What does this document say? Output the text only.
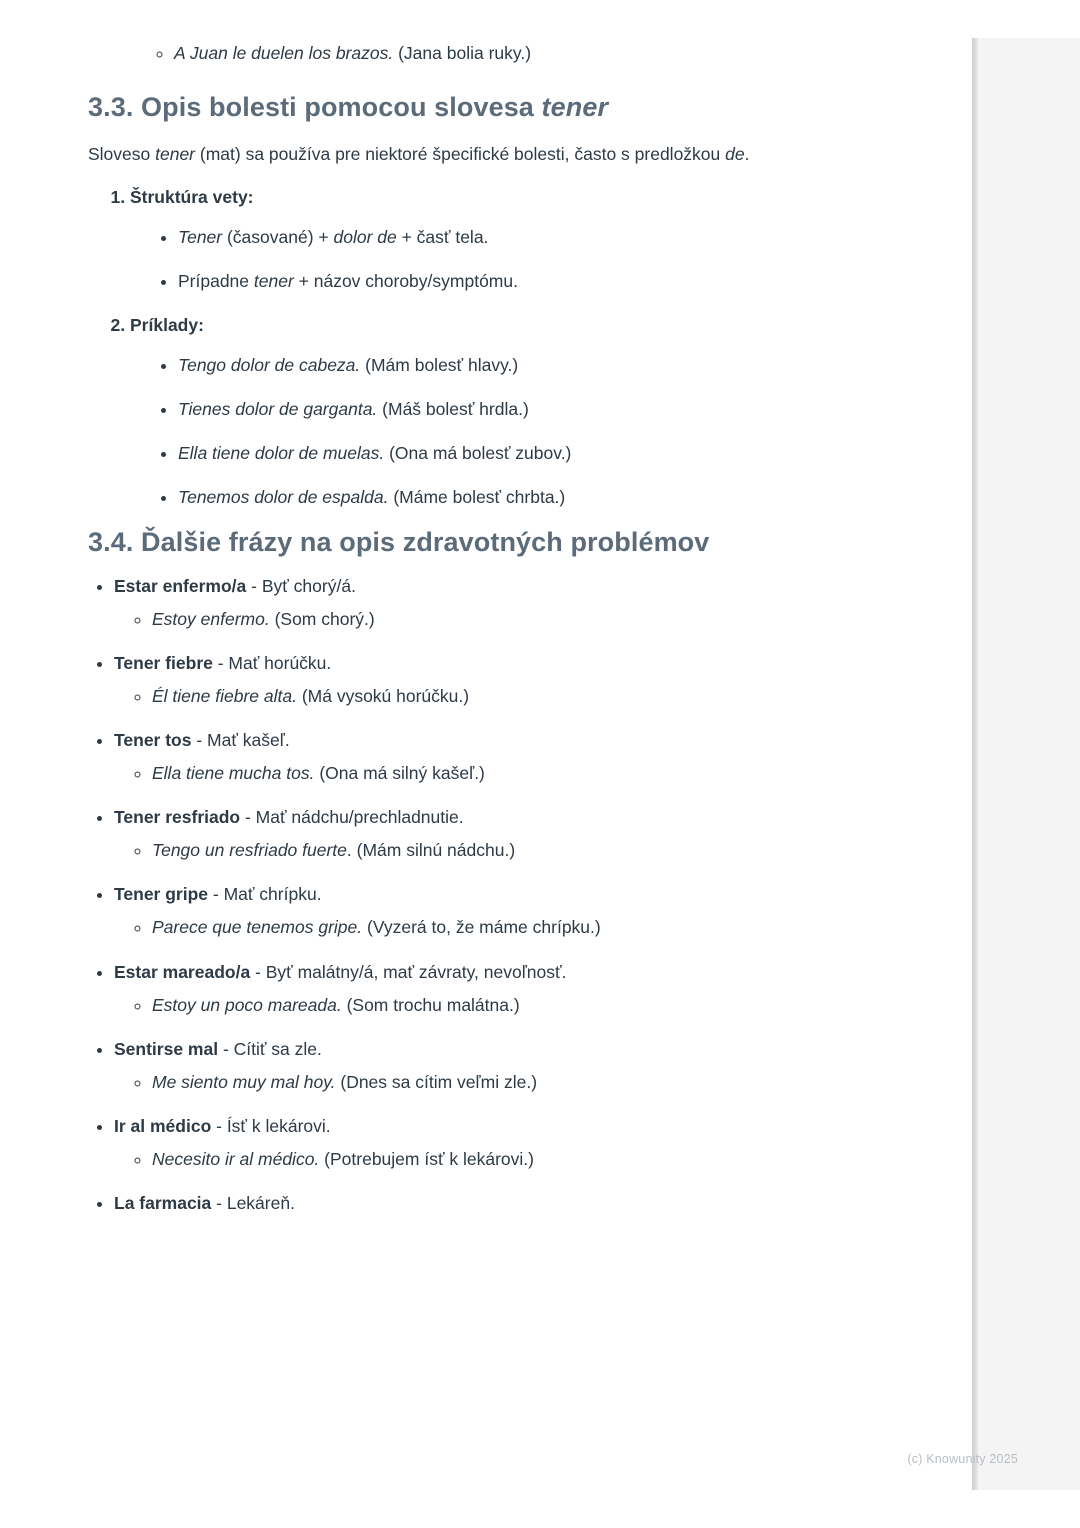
◦ A Juan le duelen los brazos. (Jana bolia ruky.)
3.3. Opis bolesti pomocou slovesa tener

Sloveso tener (mat) sa používa pre niektoré špecifické bolesti, často s predložkou de.

1. Štruktúra vety:
• Tener (časované) + dolor de + časť tela.
• Prípadne tener + názov choroby/symptómu.
2. Príklady:
• Tengo dolor de cabeza. (Mám bolesť hlavy.)
• Tienes dolor de garganta. (Máš bolesť hrdla.)
• Ella tiene dolor de muelas. (Ona má bolesť zubov.)
• Tenemos dolor de espalda. (Máme bolesť chrbta.)
3.4. Ďalšie frázy na opis zdravotných problémov
• Estar enfermo/a - Byť chorý/á.
◦ Estoy enfermo. (Som chorý.)
• Tener fiebre - Mať horúčku.
◦ Él tiene fiebre alta. (Má vysokú horúčku.)
• Tener tos - Mať kašeľ.
◦ Ella tiene mucha tos. (Ona má silný kašeľ.)
• Tener resfriado - Mať nádchu/prechladnutie.
◦ Tengo un resfriado fuerte. (Mám silnú nádchu.)
• Tener gripe - Mať chrípku.
◦ Parece que tenemos gripe. (Vyzerá to, že máme chrípku.)
• Estar mareado/a - Byť malátny/á, mať závraty, nevoľnosť.
◦ Estoy un poco mareada. (Som trochu malátna.)
• Sentirse mal - Cítiť sa zle.
◦ Me siento muy mal hoy. (Dnes sa cítim veľmi zle.)
• Ir al médico - Ísť k lekárovi.
◦ Necesito ir al médico. (Potrebujem ísť k lekárovi.)
• La farmacia - Lekáreň.
(c) Knowunity 2025
